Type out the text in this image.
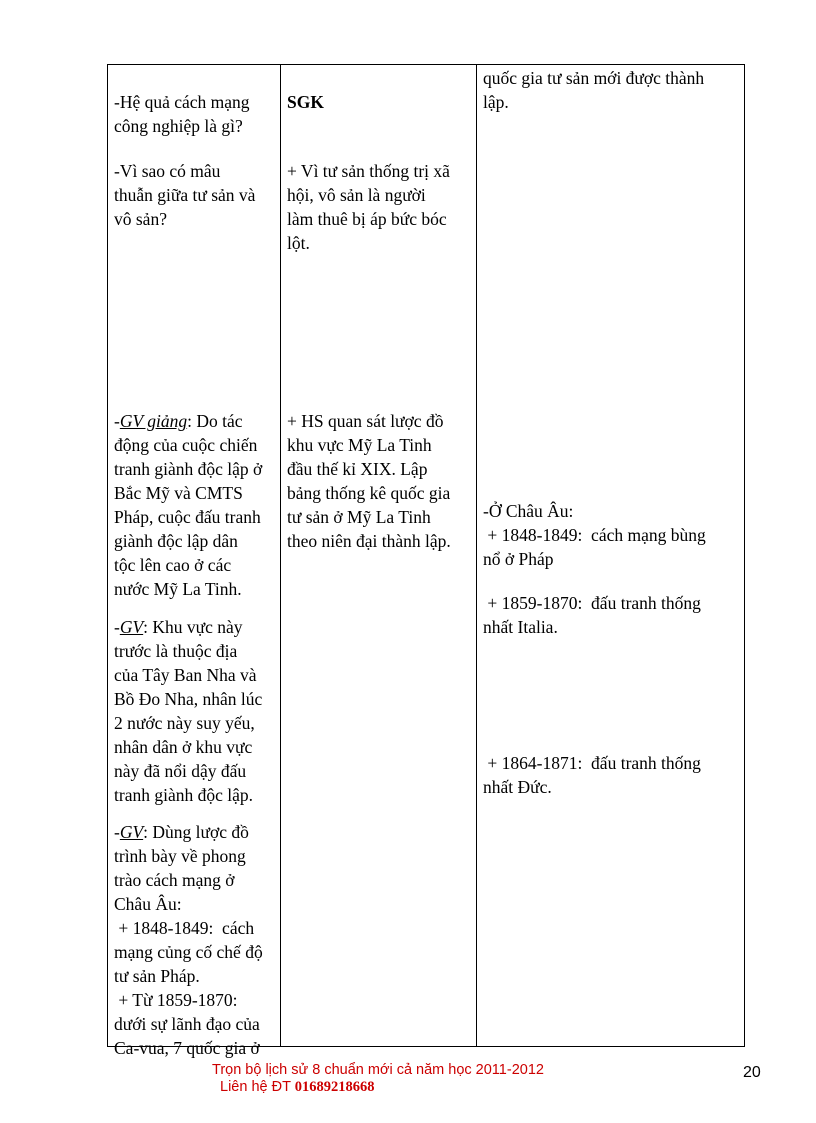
-Hệ quả cách mạng
công nghiệp là gì?
-Vì sao có mâu
thuẫn giữa tư sản và
vô sản?
-GV giảng: Do tác
động của cuộc chiến
tranh giành độc lập ở
Bắc Mỹ và CMTS
Pháp, cuộc đấu tranh
giành độc lập dân
tộc lên cao ở các
nước Mỹ La Tinh.
-GV: Khu vực này
trước là thuộc địa
của Tây Ban Nha và
Bồ Đo Nha, nhân lúc
2 nước này suy yếu,
nhân dân ở khu vực
này đã nổi dậy đấu
tranh giành độc lập.
-GV: Dùng lược đồ
trình bày về phong
trào cách mạng ở
Châu Âu:
+ 1848-1849:  cách
mạng củng cố chế độ
tư sản Pháp.
+ Từ 1859-1870:
dưới sự lãnh đạo của
Ca-vua, 7 quốc gia ở

SGK
+ Vì tư sản thống trị xã
hội, vô sản là người
làm thuê bị áp bức bóc
lột.
+ HS quan sát lược đồ
khu vực Mỹ La Tinh
đầu thế kỉ XIX. Lập
bảng thống kê quốc gia
tư sản ở Mỹ La Tinh
theo niên đại thành lập.

quốc gia tư sản mới được thành
lập.
-Ở Châu Âu:
+ 1848-1849:  cách mạng bùng
nổ ở Pháp
+ 1859-1870:  đấu tranh thống
nhất Italia.
+ 1864-1871:  đấu tranh thống
nhất Đức.
Trọn bộ lịch sử 8 chuẩn mới cả năm học 2011-2012
Liên hệ ĐT 01689218668
20
